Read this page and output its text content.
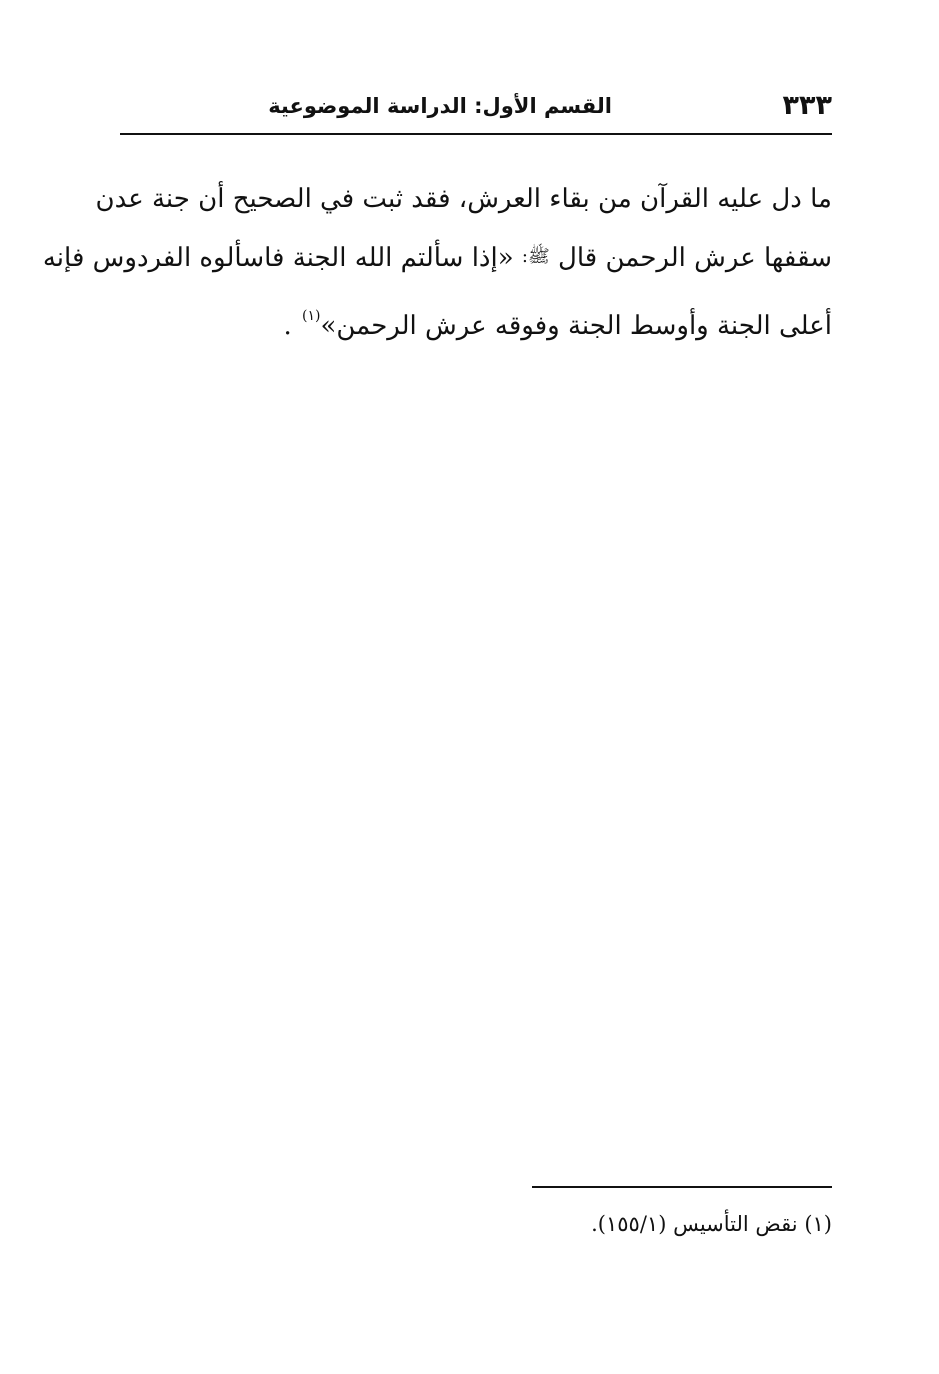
٣٣٣
القسم الأول: الدراسة الموضوعية
ما دل عليه القرآن من بقاء العرش، فقد ثبت في الصحيح أن جنة عدن
سقفها عرش الرحمن قال ﷺ: «إذا سألتم الله الجنة فاسألوه الفردوس فإنه
أعلى الجنة وأوسط الجنة وفوقه عرش الرحمن»$^{(١)}$ .
(١) نقض التأسيس (١٥٥/١).
